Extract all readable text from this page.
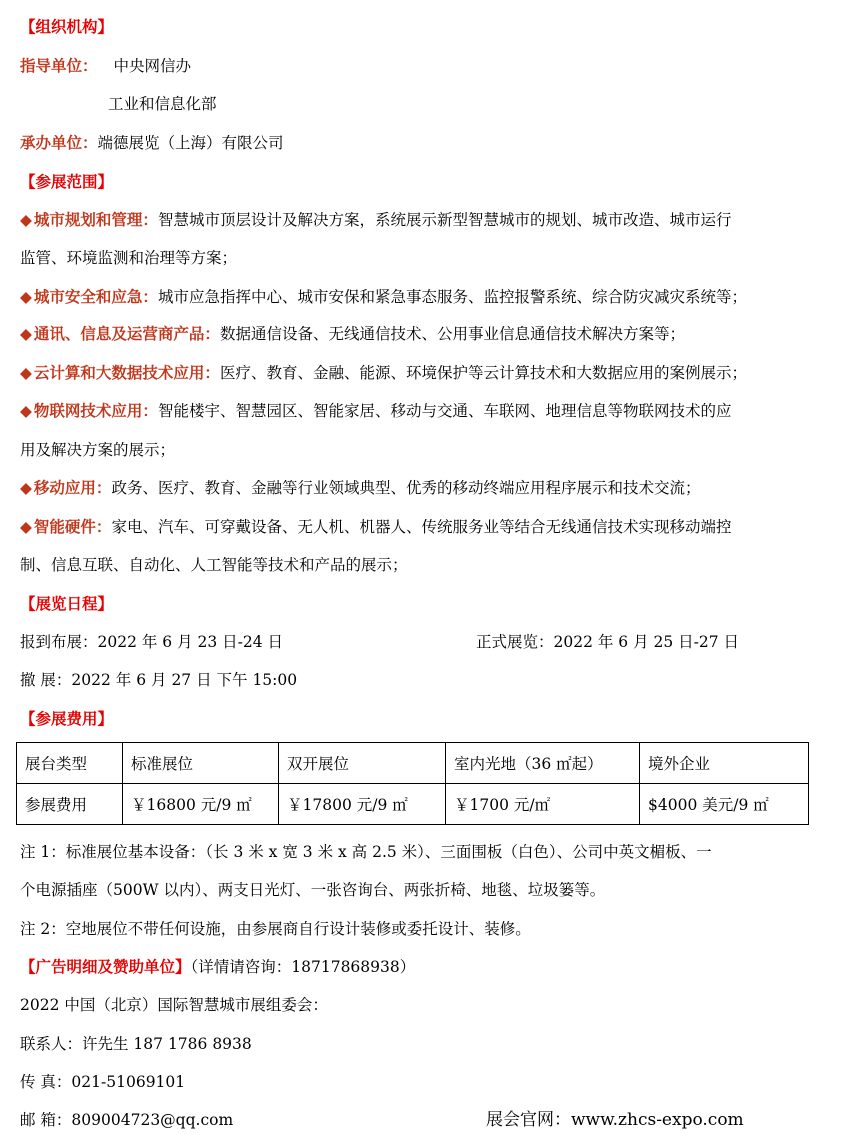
【组织机构】
指导单位： 中央网信办
工业和信息化部
承办单位：端德展览（上海）有限公司
【参展范围】
◆ 城市规划和管理：智慧城市顶层设计及解决方案，系统展示新型智慧城市的规划、城市改造、城市运行
监管、环境监测和治理等方案；
◆ 城市安全和应急：城市应急指挥中心、城市安保和紧急事态服务、监控报警系统、综合防灾减灾系统等；
◆ 通讯、信息及运营商产品：数据通信设备、无线通信技术、公用事业信息通信技术解决方案等；
◆ 云计算和大数据技术应用：医疗、教育、金融、能源、环境保护等云计算技术和大数据应用的案例展示；
◆ 物联网技术应用：智能楼宇、智慧园区、智能家居、移动与交通、车联网、地理信息等物联网技术的应
用及解决方案的展示；
◆ 移动应用：政务、医疗、教育、金融等行业领域典型、优秀的移动终端应用程序展示和技术交流；
◆ 智能硬件：家电、汽车、可穿戴设备、无人机、机器人、传统服务业等结合无线通信技术实现移动端控
制、信息互联、自动化、人工智能等技术和产品的展示；
【展览日程】
报到布展：2022 年 6 月 23 日-24 日	正式展览：2022 年 6 月 25 日-27 日
撤 展：2022 年 6 月 27 日 下午 15:00
【参展费用】
展台类型	标准展位	双开展位	室内光地（36 ㎡起）	境外企业
参展费用	￥16800 元/9 ㎡	￥17800 元/9 ㎡	￥1700 元/㎡	$4000 美元/9 ㎡
注 1：标准展位基本设备：（长 3 米 x 宽 3 米 x 高 2.5 米）、三面围板（白色）、公司中英文楣板、一
个电源插座（500W 以内）、两支日光灯、一张咨询台、两张折椅、地毯、垃圾篓等。
注 2：空地展位不带任何设施，由参展商自行设计装修或委托设计、装修。
【广告明细及赞助单位】（详情请咨询：18717868938）
2022 中国（北京）国际智慧城市展组委会：
联系人：许先生 187 1786 8938
传 真：021-51069101
邮 箱：809004723@qq.com	展会官网：www.zhcs-expo.com
